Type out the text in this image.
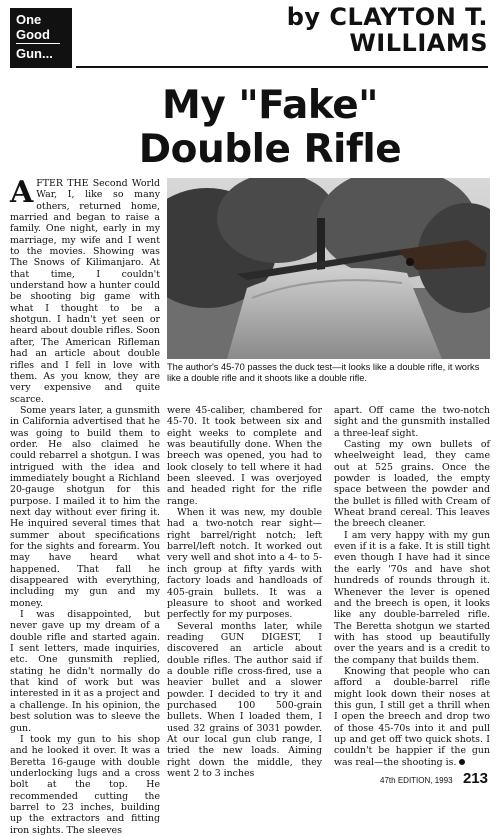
One
Good
Gun...
by CLAYTON T.
WILLIAMS
My "Fake"
Double Rifle

AFTER THE Second World War, I, like so many others, returned home, married and began to raise a family. One night, early in my marriage, my wife and I went to the movies. Showing was The Snows of Kilimanjaro. At that time, I couldn't understand how a hunter could be shooting big game with what I thought to be a shotgun. I hadn't yet seen or heard about double rifles. Soon after, The American Rifleman had an article about double rifles and I fell in love with them. As you know, they are very expensive and quite scarce.

Some years later, a gunsmith in California advertised that he was going to build them to order. He also claimed he could rebarrel a shotgun. I was intrigued with the idea and immediately bought a Richland 20-gauge shotgun for this purpose. I mailed it to him the next day without ever firing it. He inquired several times that summer about specifications for the sights and forearm. You may have heard what happened. That fall he disappeared with everything, including my gun and my money.

I was disappointed, but never gave up my dream of a double rifle and started again. I sent letters, made inquiries, etc. One gunsmith replied, stating he didn't normally do that kind of work but was interested in it as a project and a challenge. In his opinion, the best solution was to sleeve the gun.

I took my gun to his shop and he looked it over. It was a Beretta 16-gauge with double underlocking lugs and a cross bolt at the top. He recommended cutting the barrel to 23 inches, building up the extractors and fitting iron sights. The sleeves

The author's 45-70 passes the duck test—it looks like a double rifle, it works like a double rifle and it shoots like a double rifle.

were 45-caliber, chambered for 45-70. It took between six and eight weeks to complete and was beautifully done. When the breech was opened, you had to look closely to tell where it had been sleeved. I was overjoyed and headed right for the rifle range.

When it was new, my double had a two-notch rear sight—right barrel/right notch; left barrel/left notch. It worked out very well and shot into a 4- to 5-inch group at fifty yards with factory loads and handloads of 405-grain bullets. It was a pleasure to shoot and worked perfectly for my purposes.

Several months later, while reading GUN DIGEST, I discovered an article about double rifles. The author said if a double rifle cross-fired, use a heavier bullet and a slower powder. I decided to try it and purchased 100 500-grain bullets. When I loaded them, I used 32 grains of 3031 powder. At our local gun club range, I tried the new loads. Aiming right down the middle, they went 2 to 3 inches

apart. Off came the two-notch sight and the gunsmith installed a three-leaf sight.

Casting my own bullets of wheelweight lead, they came out at 525 grains. Once the powder is loaded, the empty space between the powder and the bullet is filled with Cream of Wheat brand cereal. This leaves the breech cleaner.

I am very happy with my gun even if it is a fake. It is still tight even though I have had it since the early '70s and have shot hundreds of rounds through it. Whenever the lever is opened and the breech is open, it looks like any double-barreled rifle. The Beretta shotgun we started with has stood up beautifully over the years and is a credit to the company that builds them.

Knowing that people who can afford a double-barrel rifle might look down their noses at this gun, I still get a thrill when I open the breech and drop two of those 45-70s into it and pull up and get off two quick shots. I couldn't be happier if the gun was real—the shooting is.

47th EDITION, 1993 213
